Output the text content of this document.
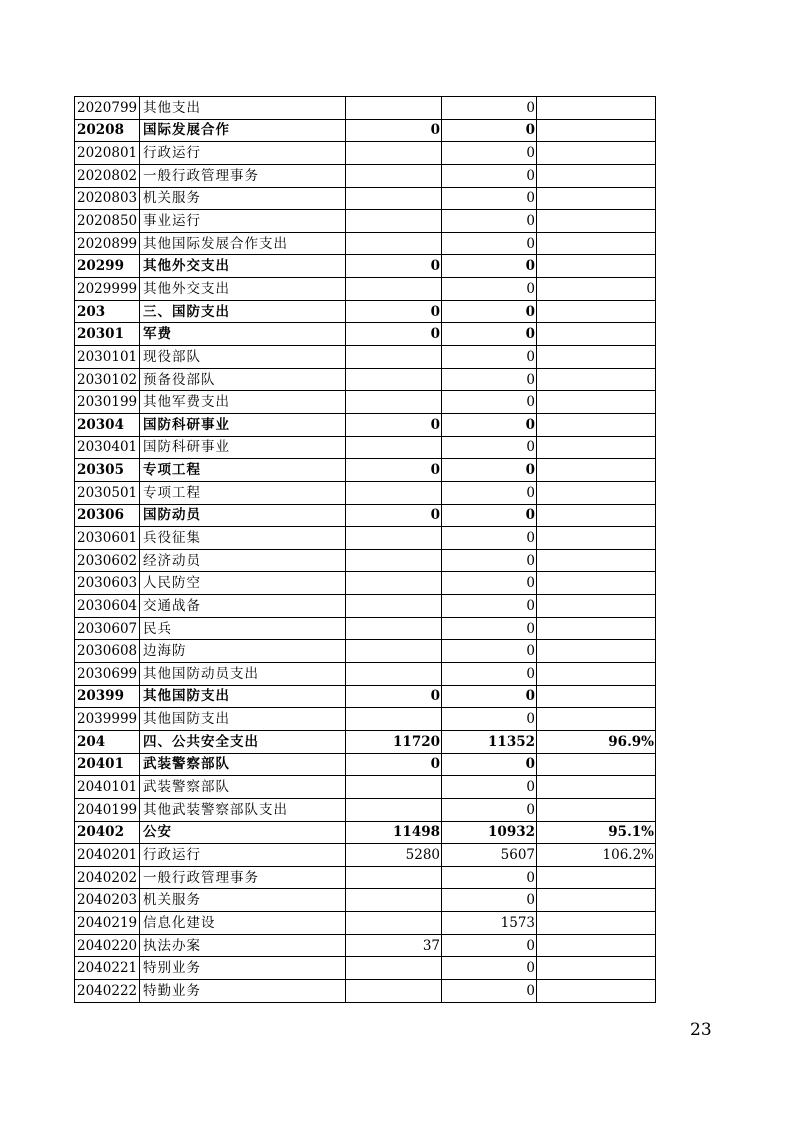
2020799	其他支出		0	
20208	国际发展合作	0	0	
2020801	行政运行		0	
2020802	一般行政管理事务		0	
2020803	机关服务		0	
2020850	事业运行		0	
2020899	其他国际发展合作支出		0	
20299	其他外交支出	0	0	
2029999	其他外交支出		0	
203	三、国防支出	0	0	
20301	军费	0	0	
2030101	现役部队		0	
2030102	预备役部队		0	
2030199	其他军费支出		0	
20304	国防科研事业	0	0	
2030401	国防科研事业		0	
20305	专项工程	0	0	
2030501	专项工程		0	
20306	国防动员	0	0	
2030601	兵役征集		0	
2030602	经济动员		0	
2030603	人民防空		0	
2030604	交通战备		0	
2030607	民兵		0	
2030608	边海防		0	
2030699	其他国防动员支出		0	
20399	其他国防支出	0	0	
2039999	其他国防支出		0	
204	四、公共安全支出	11720	11352	96.9%
20401	武装警察部队	0	0	
2040101	武装警察部队		0	
2040199	其他武装警察部队支出		0	
20402	公安	11498	10932	95.1%
2040201	行政运行	5280	5607	106.2%
2040202	一般行政管理事务		0	
2040203	机关服务		0	
2040219	信息化建设		1573	
2040220	执法办案	37	0	
2040221	特别业务		0	
2040222	特勤业务		0	
23
